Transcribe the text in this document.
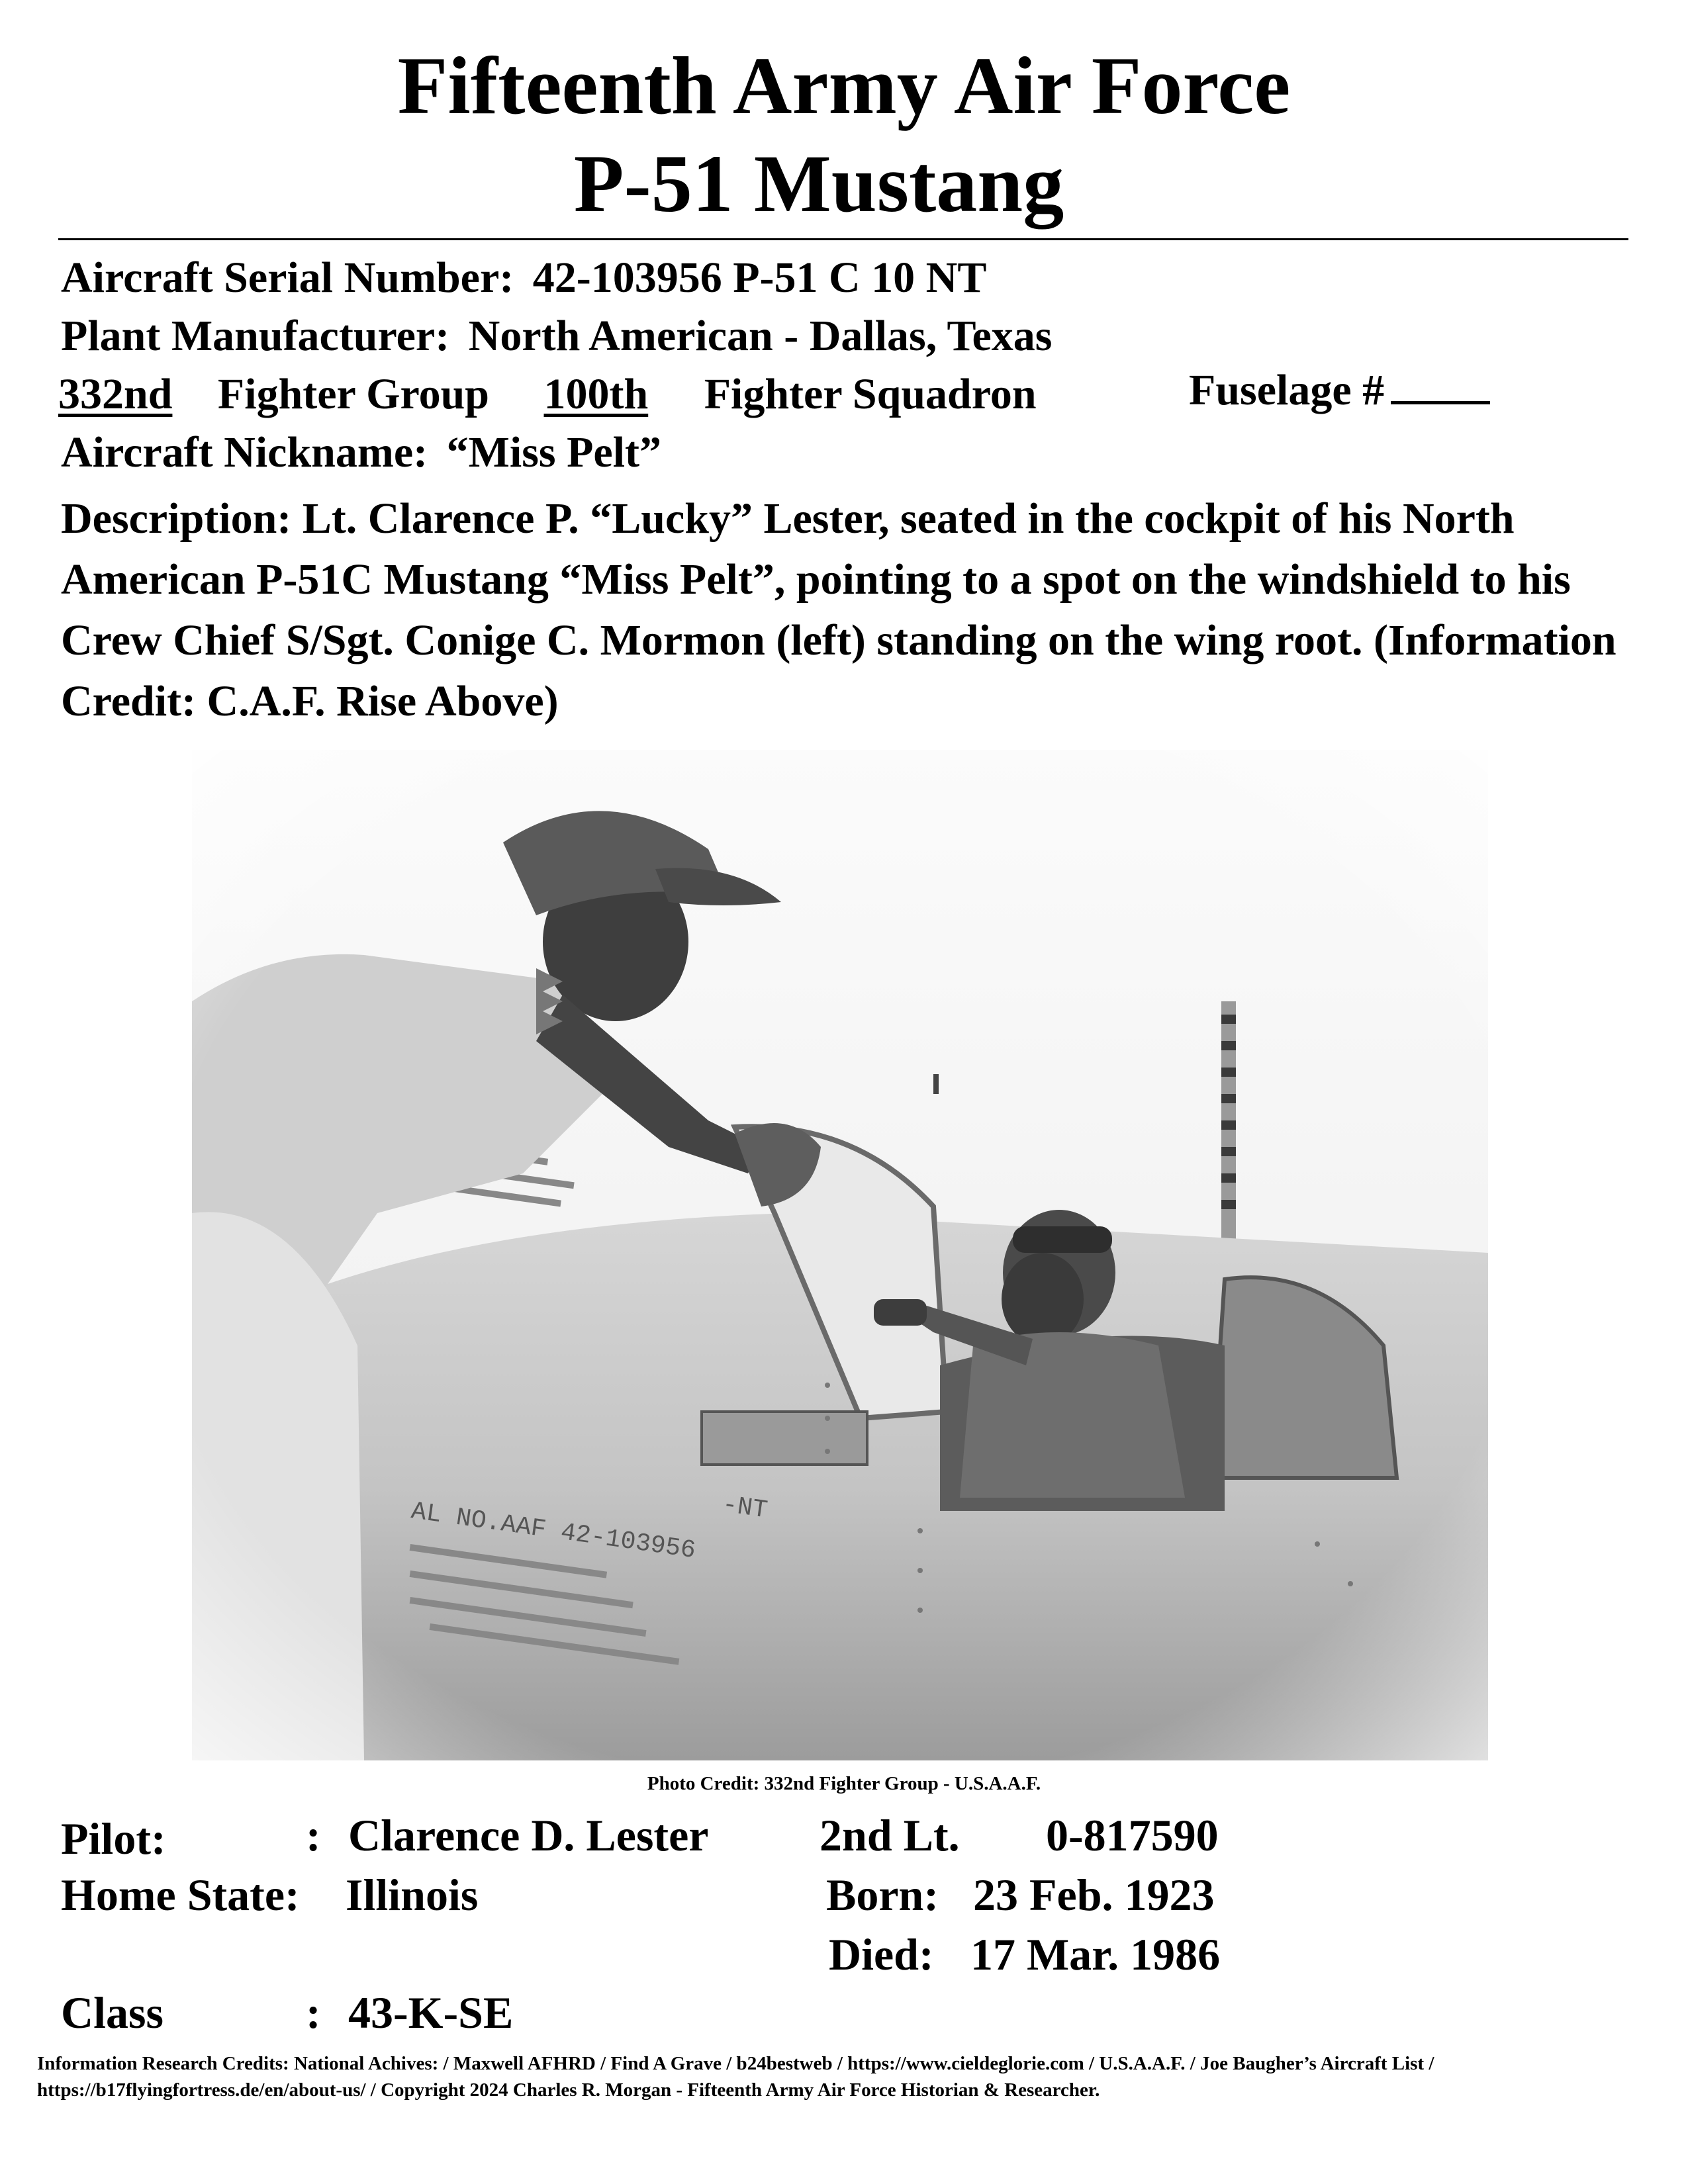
Fifteenth Army Air Force
P-51 Mustang
Aircraft Serial Number: 42-103956 P-51 C 10 NT
Plant Manufacturer: North American - Dallas, Texas
332nd Fighter Group 100th Fighter Squadron	Fuselage #
Aircraft Nickname: “Miss Pelt”
Description: Lt. Clarence P. “Lucky” Lester, seated in the cockpit of his North American P-51C Mustang “Miss Pelt”, pointing to a spot on the windshield to his Crew Chief S/Sgt. Conige C. Mormon (left) standing on the wing root. (Information Credit: C.A.F. Rise Above)
Photo Credit: 332nd Fighter Group - U.S.A.A.F.
Pilot:	: Clarence D. Lester 2nd Lt. 0-817590
Home State: Illinois	Born: 23 Feb. 1923
Died: 17 Mar. 1986
Class	: 43-K-SE
Information Research Credits: National Achives: / Maxwell AFHRD / Find A Grave / b24bestweb / https://www.cieldeglorie.com / U.S.A.A.F. / Joe Baugher’s Aircraft List / https://b17flyingfortress.de/en/about-us/ / Copyright 2024 Charles R. Morgan - Fifteenth Army Air Force Historian & Researcher.
